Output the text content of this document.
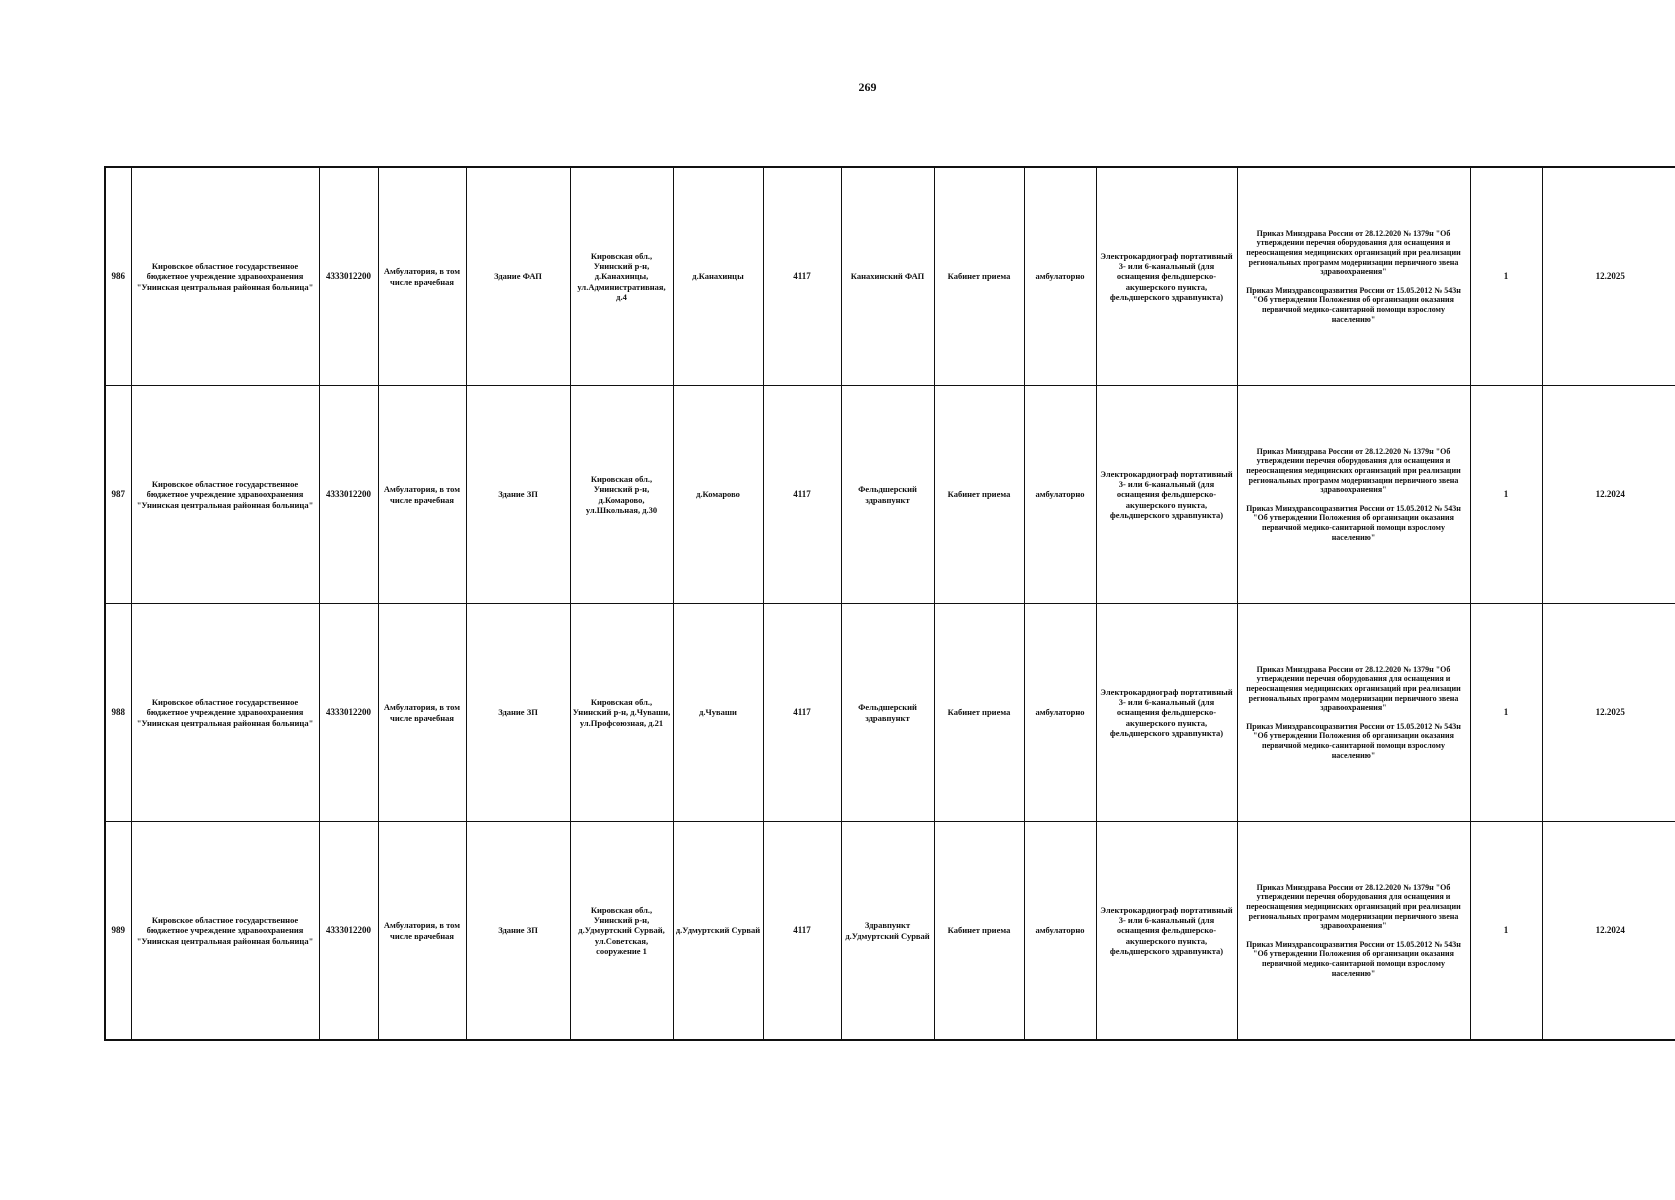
269
986	Кировское областное государственное бюджетное учреждение здравоохранения "Унинская центральная районная больница"	4333012200	Амбулатория, в том числе врачебная	Здание ФАП	Кировская обл., Унинский р-н, д.Канахинцы, ул.Административная, д.4	д.Канахинцы	4117	Канахинский ФАП	Кабинет приема	амбулаторно	Электрокардиограф портативный 3- или 6-канальный (для оснащения фельдшерско-акушерского пункта, фельдшерского здравпункта)	Приказ Минздрава России от 28.12.2020 № 1379н "Об утверждении перечня оборудования для оснащения и переоснащения медицинских организаций при реализации региональных программ модернизации первичного звена здравоохранения"

Приказ Минздравсоцразвития России от 15.05.2012 № 543н "Об утверждении Положения об организации оказания первичной медико-санитарной помощи взрослому населению"	1	12.2025
987	Кировское областное государственное бюджетное учреждение здравоохранения "Унинская центральная районная больница"	4333012200	Амбулатория, в том числе врачебная	Здание ЗП	Кировская обл., Унинский р-н, д.Комарово, ул.Школьная, д.30	д.Комарово	4117	Фельдшерский здравпункт	Кабинет приема	амбулаторно	Электрокардиограф портативный 3- или 6-канальный (для оснащения фельдшерско-акушерского пункта, фельдшерского здравпункта)	Приказ Минздрава России от 28.12.2020 № 1379н "Об утверждении перечня оборудования для оснащения и переоснащения медицинских организаций при реализации региональных программ модернизации первичного звена здравоохранения"

Приказ Минздравсоцразвития России от 15.05.2012 № 543н "Об утверждении Положения об организации оказания первичной медико-санитарной помощи взрослому населению"	1	12.2024
988	Кировское областное государственное бюджетное учреждение здравоохранения "Унинская центральная районная больница"	4333012200	Амбулатория, в том числе врачебная	Здание ЗП	Кировская обл., Унинский р-н, д.Чуваши, ул.Профсоюзная, д.21	д.Чуваши	4117	Фельдшерский здравпункт	Кабинет приема	амбулаторно	Электрокардиограф портативный 3- или 6-канальный (для оснащения фельдшерско-акушерского пункта, фельдшерского здравпункта)	Приказ Минздрава России от 28.12.2020 № 1379н "Об утверждении перечня оборудования для оснащения и переоснащения медицинских организаций при реализации региональных программ модернизации первичного звена здравоохранения"

Приказ Минздравсоцразвития России от 15.05.2012 № 543н "Об утверждении Положения об организации оказания первичной медико-санитарной помощи взрослому населению"	1	12.2025
989	Кировское областное государственное бюджетное учреждение здравоохранения "Унинская центральная районная больница"	4333012200	Амбулатория, в том числе врачебная	Здание ЗП	Кировская обл., Унинский р-н, д.Удмуртский Сурвай, ул.Советская, сооружение 1	д.Удмуртский Сурвай	4117	Здравпункт д.Удмуртский Сурвай	Кабинет приема	амбулаторно	Электрокардиограф портативный 3- или 6-канальный (для оснащения фельдшерско-акушерского пункта, фельдшерского здравпункта)	Приказ Минздрава России от 28.12.2020 № 1379н "Об утверждении перечня оборудования для оснащения и переоснащения медицинских организаций при реализации региональных программ модернизации первичного звена здравоохранения"

Приказ Минздравсоцразвития России от 15.05.2012 № 543н "Об утверждении Положения об организации оказания первичной медико-санитарной помощи взрослому населению"	1	12.2024
